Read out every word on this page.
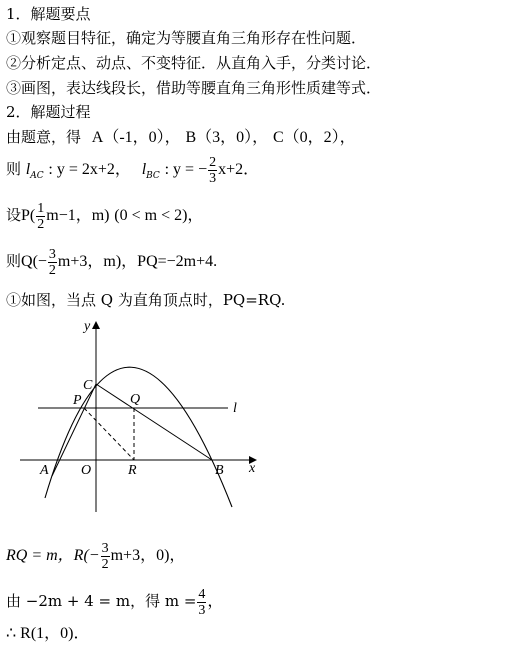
1．解题要点
①观察题目特征，确定为等腰直角三角形存在性问题．
②分析定点、动点、不变特征．从直角入手，分类讨论．
③画图，表达线段长，借助等腰直角三角形性质建等式．
2．解题过程
由题意，得 A（-1，0）， B（3，0）， C（0，2），
则 $l_{AC}$ : y = 2x+2， $l_{BC}$ : y = − $\frac{2}{3} x+2$．
设$P( \frac{1}{2} m-1$，m) (0 < m < 2)，
则$Q(- \frac{3}{2} m+3$，m)，PQ=−2m+4.
①如图，当点 Q 为直角顶点时，PQ=RQ.
y
x
O
A	B
C
P	Q
R
l
RQ = m，$R(- \frac{3}{2} m+3$，0)，
由 −2m + 4 = m，得 $m = \frac{4}{3}$ ，
∴ R(1，0)．
